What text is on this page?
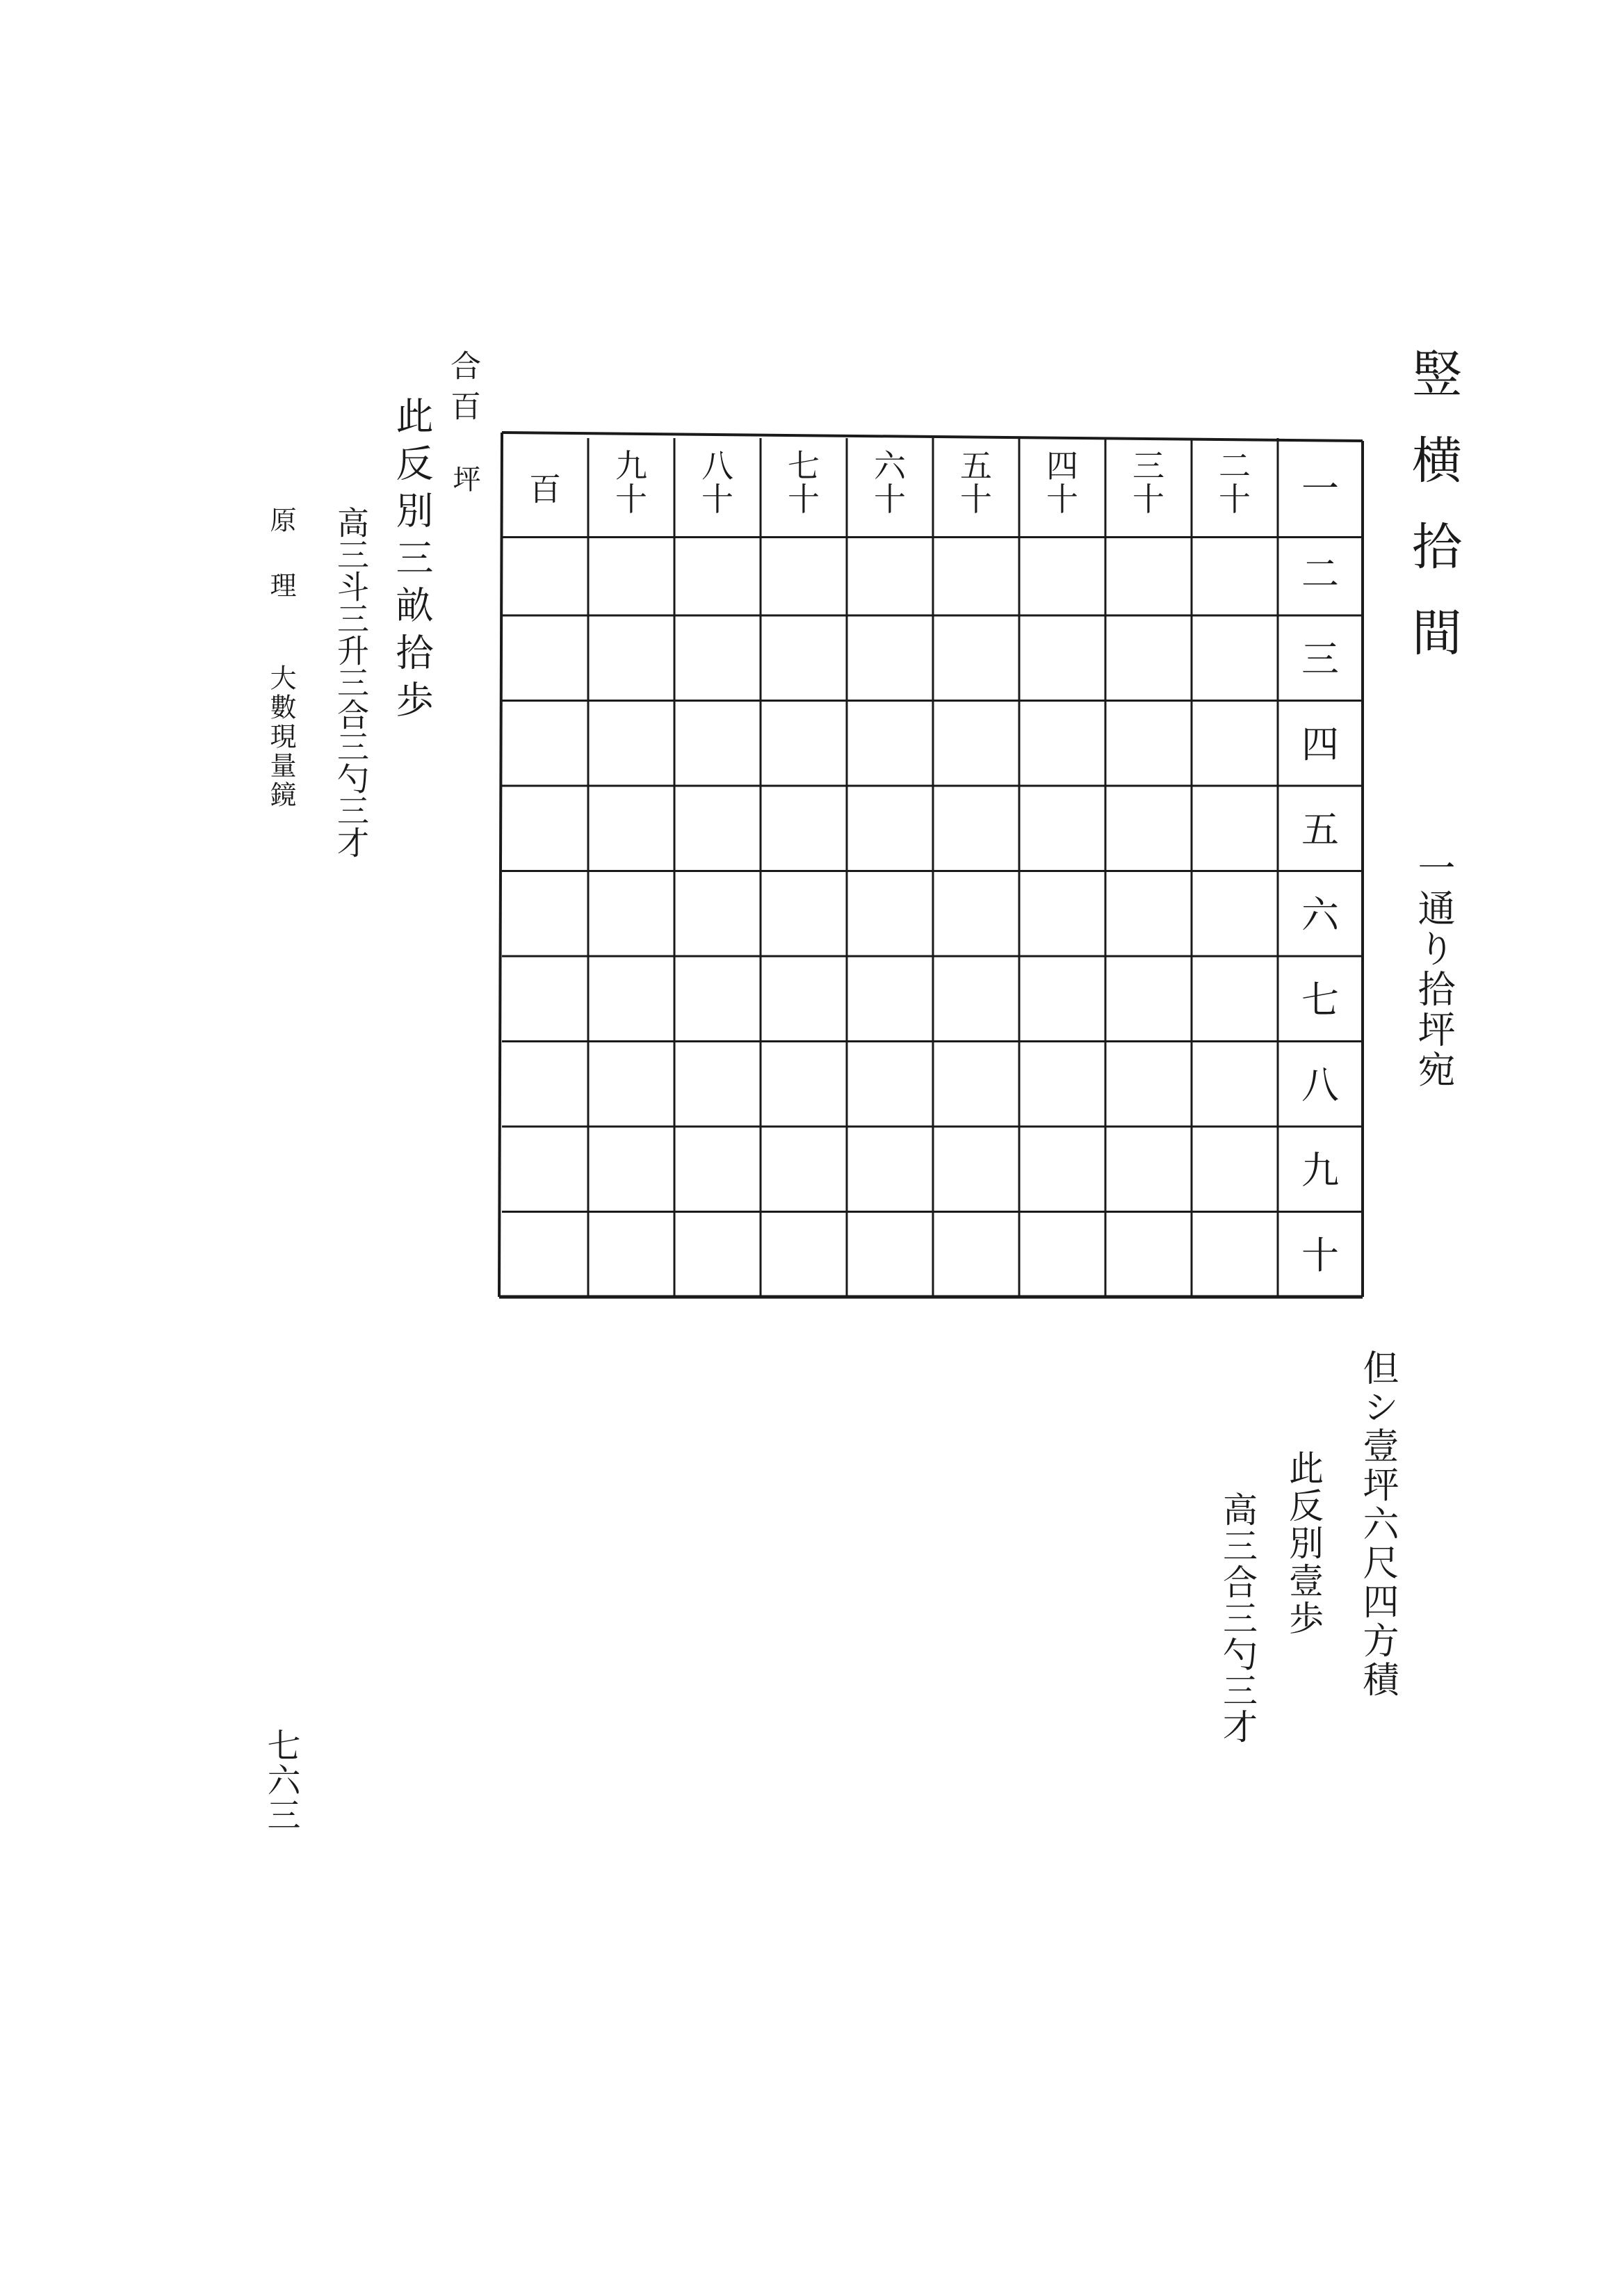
竪横拾間
一通り拾坪宛
一
二
三
四
五
六
七
八
九
十
二十
三十
四十
五十
六十
七十
八十
九十
百
合百
坪
此反別三畝拾歩
高三斗三升三合三勺三才
原理
大數現量鏡
但シ壹坪六尺四方積
此反別壹歩
高三合三勺三才
七六三
